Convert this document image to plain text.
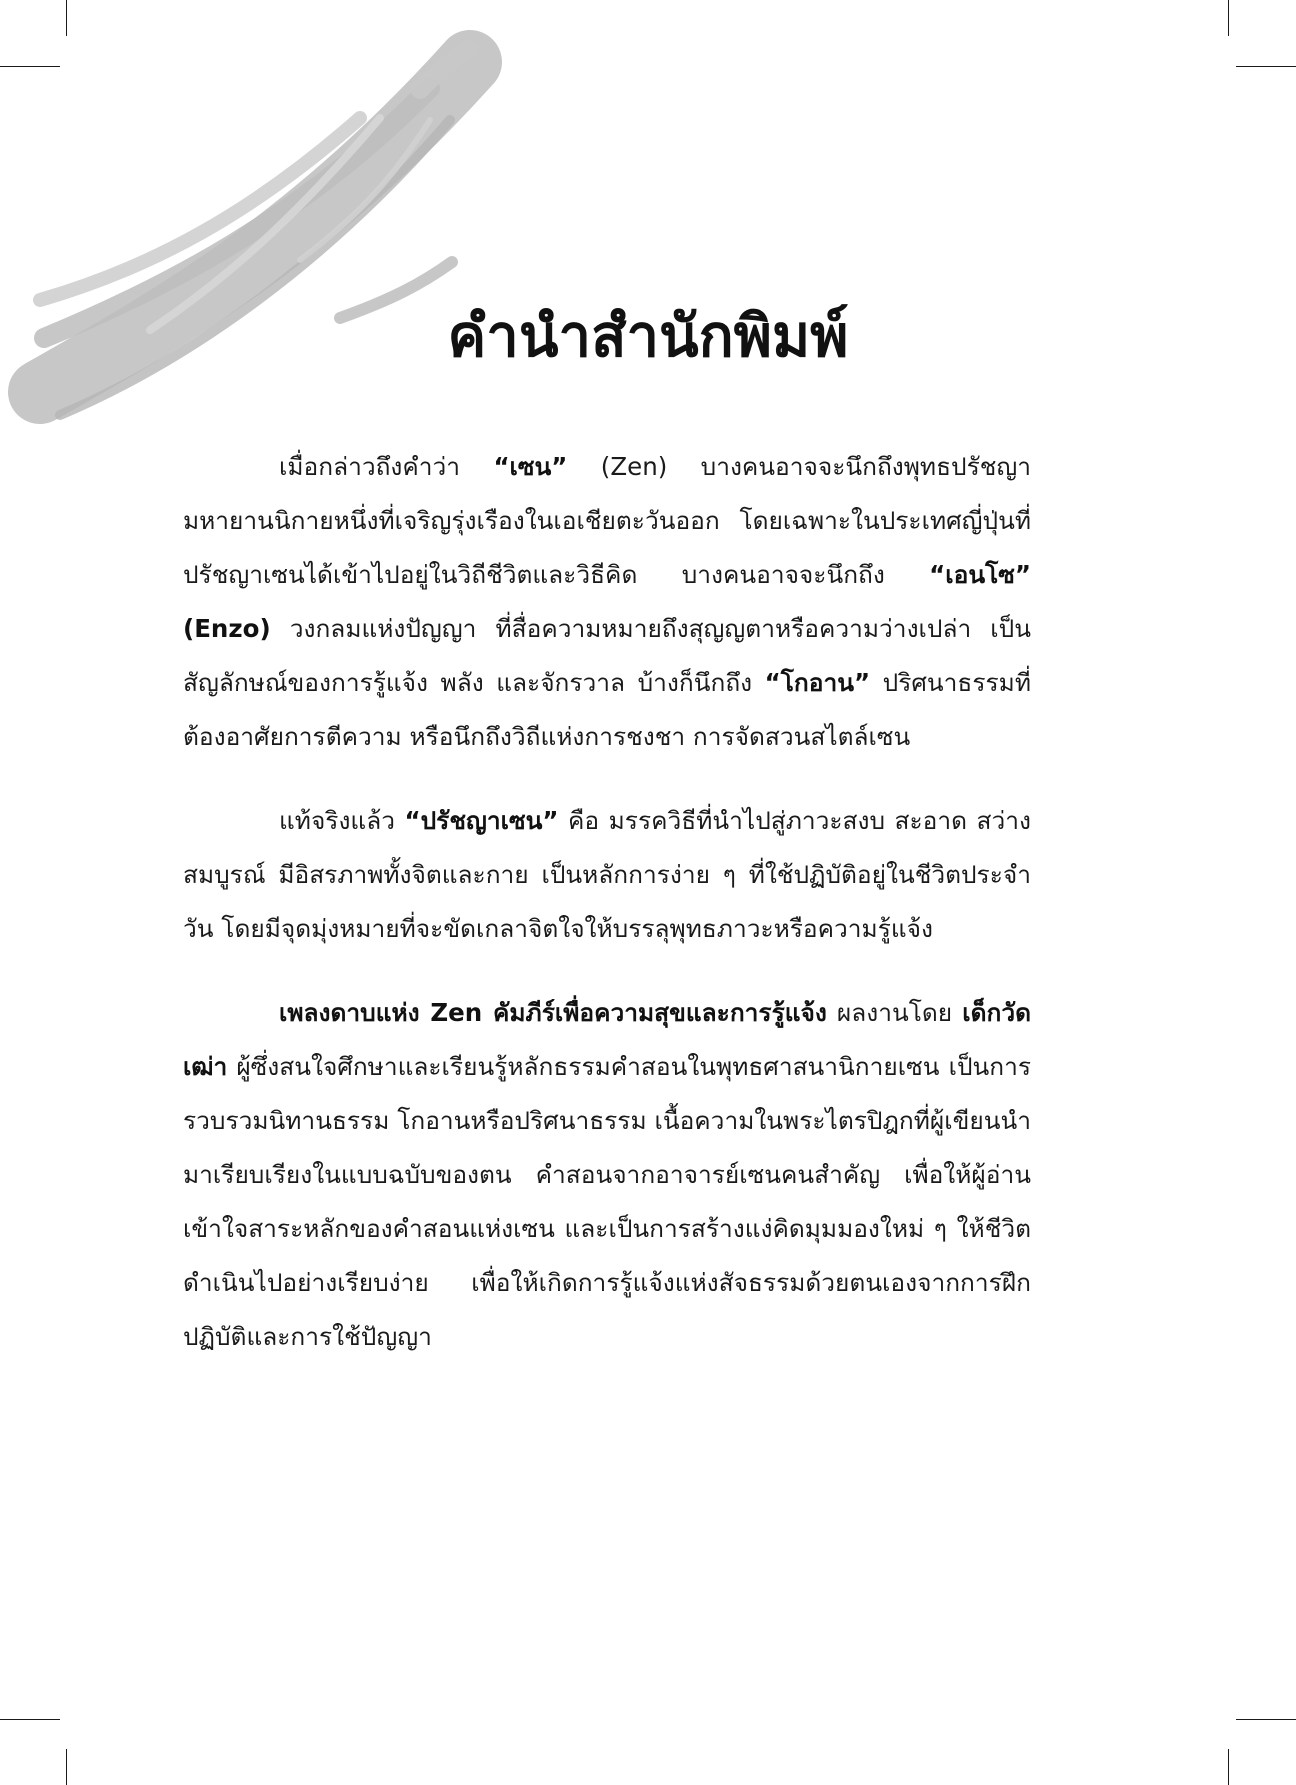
คำนำสำนักพิมพ์

เมื่อกล่าวถึงคำว่า “เซน” (Zen) บางคนอาจจะนึกถึงพุทธปรัชญามหายานนิกายหนึ่งที่เจริญรุ่งเรืองในเอเชียตะวันออก โดยเฉพาะในประเทศญี่ปุ่นที่ปรัชญาเซนได้เข้าไปอยู่ในวิถีชีวิตและวิธีคิด บางคนอาจจะนึกถึง “เอนโซ” (Enzo) วงกลมแห่งปัญญา ที่สื่อความหมายถึงสุญญตาหรือความว่างเปล่า เป็นสัญลักษณ์ของการรู้แจ้ง พลัง และจักรวาล บ้างก็นึกถึง “โกอาน” ปริศนาธรรมที่ต้องอาศัยการตีความ หรือนึกถึงวิถีแห่งการชงชา การจัดสวนสไตล์เซน

แท้จริงแล้ว “ปรัชญาเซน” คือ มรรควิธีที่นำไปสู่ภาวะสงบ สะอาด สว่าง สมบูรณ์ มีอิสรภาพทั้งจิตและกาย เป็นหลักการง่าย ๆ ที่ใช้ปฏิบัติอยู่ในชีวิตประจำวัน โดยมีจุดมุ่งหมายที่จะขัดเกลาจิตใจให้บรรลุพุทธภาวะหรือความรู้แจ้ง

เพลงดาบแห่ง Zen คัมภีร์เพื่อความสุขและการรู้แจ้ง ผลงานโดย เด็กวัดเฒ่า ผู้ซึ่งสนใจศึกษาและเรียนรู้หลักธรรมคำสอนในพุทธศาสนานิกายเซน เป็นการรวบรวมนิทานธรรม โกอานหรือปริศนาธรรม เนื้อความในพระไตรปิฎกที่ผู้เขียนนำมาเรียบเรียงในแบบฉบับของตน คำสอนจากอาจารย์เซนคนสำคัญ เพื่อให้ผู้อ่านเข้าใจสาระหลักของคำสอนแห่งเซน และเป็นการสร้างแง่คิดมุมมองใหม่ ๆ ให้ชีวิตดำเนินไปอย่างเรียบง่าย เพื่อให้เกิดการรู้แจ้งแห่งสัจธรรมด้วยตนเองจากการฝึกปฏิบัติและการใช้ปัญญา
